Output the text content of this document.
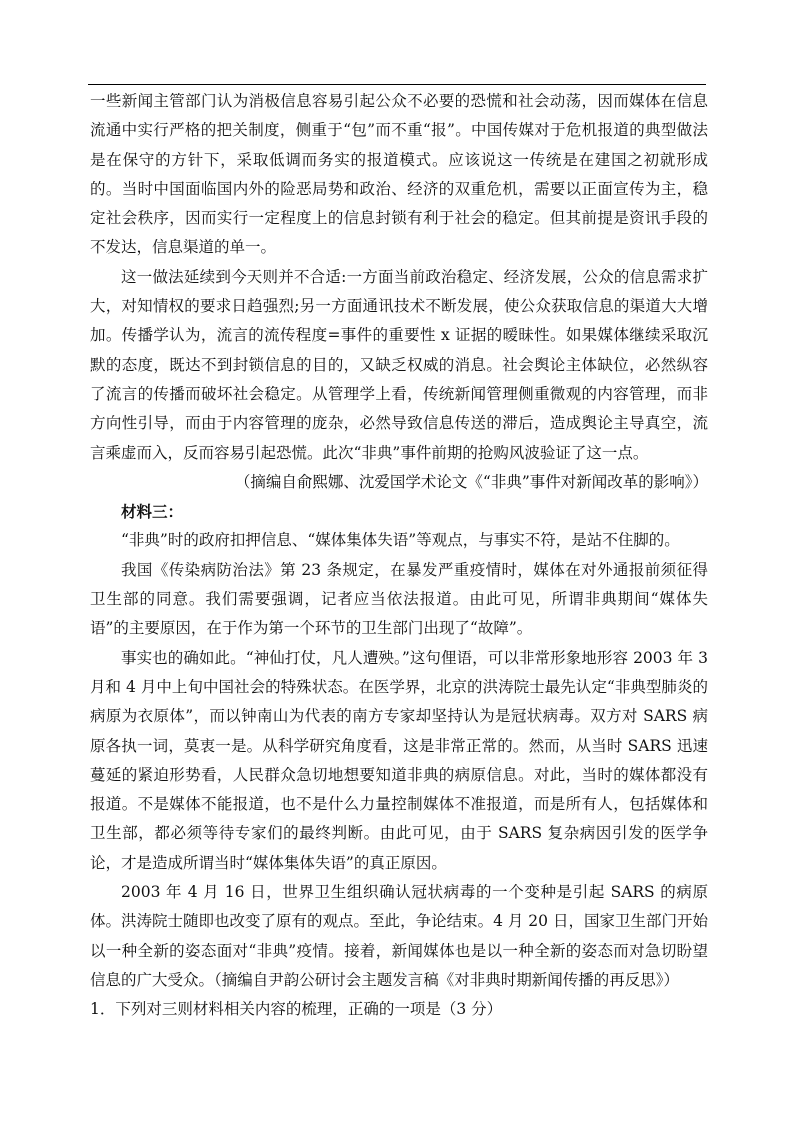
一些新闻主管部门认为消极信息容易引起公众不必要的恐慌和社会动荡，因而媒体在信息流通中实行严格的把关制度，侧重于“包”而不重“报”。中国传媒对于危机报道的典型做法是在保守的方针下，采取低调而务实的报道模式。应该说这一传统是在建国之初就形成的。当时中国面临国内外的险恶局势和政治、经济的双重危机，需要以正面宣传为主，稳定社会秩序，因而实行一定程度上的信息封锁有利于社会的稳定。但其前提是资讯手段的不发达，信息渠道的单一。

这一做法延续到今天则并不合适:一方面当前政治稳定、经济发展，公众的信息需求扩大，对知情权的要求日趋强烈;另一方面通讯技术不断发展，使公众获取信息的渠道大大增加。传播学认为，流言的流传程度=事件的重要性 x 证据的暧昧性。如果媒体继续采取沉默的态度，既达不到封锁信息的目的，又缺乏权威的消息。社会舆论主体缺位，必然纵容了流言的传播而破坏社会稳定。从管理学上看，传统新闻管理侧重微观的内容管理，而非方向性引导，而由于内容管理的庞杂，必然导致信息传送的滞后，造成舆论主导真空，流言乘虚而入，反而容易引起恐慌。此次“非典”事件前期的抢购风波验证了这一点。

（摘编自俞熙娜、沈爱国学术论文《“非典”事件对新闻改革的影响》）

材料三：

“非典”时的政府扣押信息、“媒体集体失语”等观点，与事实不符，是站不住脚的。

我国《传染病防治法》第 23 条规定，在暴发严重疫情时，媒体在对外通报前须征得卫生部的同意。我们需要强调，记者应当依法报道。由此可见，所谓非典期间“媒体失语”的主要原因，在于作为第一个环节的卫生部门出现了“故障”。

事实也的确如此。“神仙打仗，凡人遭殃。”这句俚语，可以非常形象地形容 2003 年 3 月和 4 月中上旬中国社会的特殊状态。在医学界，北京的洪涛院士最先认定“非典型肺炎的病原为衣原体”，而以钟南山为代表的南方专家却坚持认为是冠状病毒。双方对 SARS 病原各执一词，莫衷一是。从科学研究角度看，这是非常正常的。然而，从当时 SARS 迅速蔓延的紧迫形势看，人民群众急切地想要知道非典的病原信息。对此，当时的媒体都没有报道。不是媒体不能报道，也不是什么力量控制媒体不准报道，而是所有人，包括媒体和卫生部，都必须等待专家们的最终判断。由此可见，由于 SARS 复杂病因引发的医学争论，才是造成所谓当时“媒体集体失语”的真正原因。

2003 年 4 月 16 日，世界卫生组织确认冠状病毒的一个变种是引起 SARS 的病原体。洪涛院士随即也改变了原有的观点。至此，争论结束。4 月 20 日，国家卫生部门开始以一种全新的姿态面对“非典”疫情。接着，新闻媒体也是以一种全新的姿态而对急切盼望信息的广大受众。（摘编自尹韵公研讨会主题发言稿《对非典时期新闻传播的再反思》）

1．下列对三则材料相关内容的梳理，正确的一项是（3 分）
